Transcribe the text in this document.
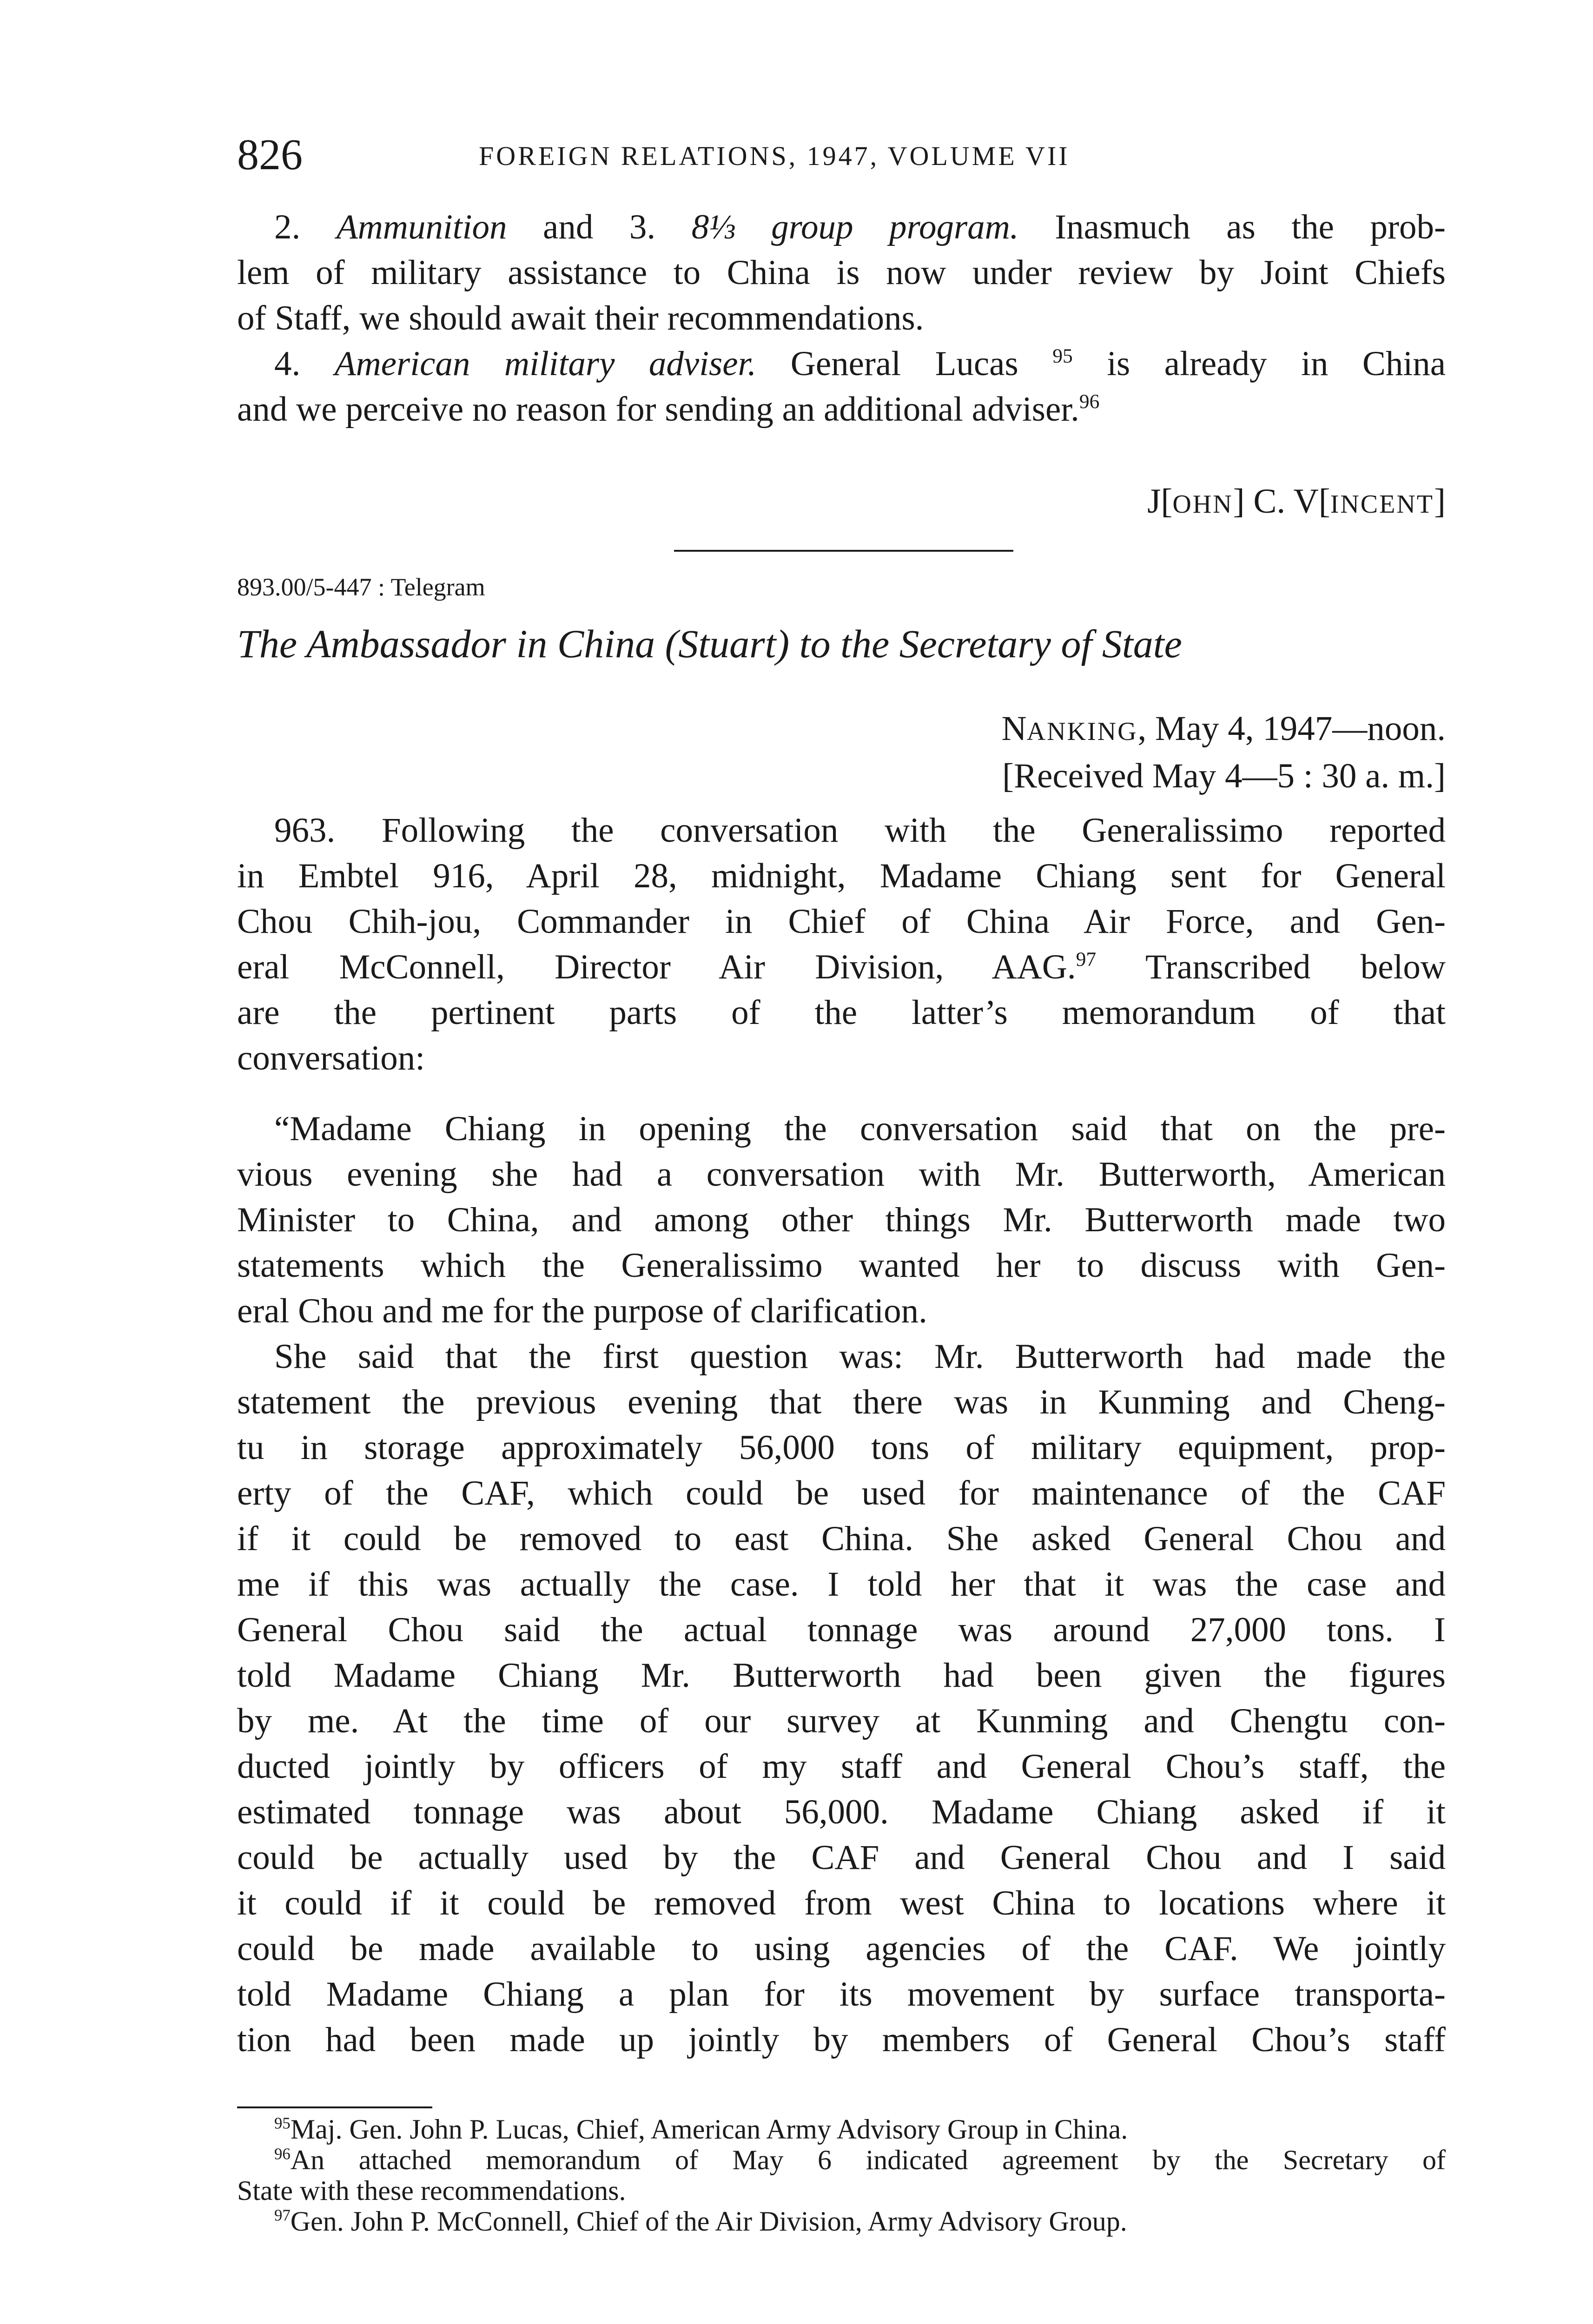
826	FOREIGN RELATIONS, 1947, VOLUME VII
2. Ammunition and 3. 8⅓ group program. Inasmuch as the prob-
lem of military assistance to China is now under review by Joint Chiefs
of Staff, we should await their recommendations.
4. American military adviser. General Lucas $^{95}$ is already in China
and we perceive no reason for sending an additional adviser.$^{96}$
J[OHN] C. V[INCENT]
893.00/5-447 : Telegram
The Ambassador in China (Stuart) to the Secretary of State
NANKING, May 4, 1947—noon.
[Received May 4—5 : 30 a. m.]
963. Following the conversation with the Generalissimo reported
in Embtel 916, April 28, midnight, Madame Chiang sent for General
Chou Chih-jou, Commander in Chief of China Air Force, and Gen-
eral McConnell, Director Air Division, AAG.$^{97}$ Transcribed below
are the pertinent parts of the latter’s memorandum of that
conversation:
“Madame Chiang in opening the conversation said that on the pre-
vious evening she had a conversation with Mr. Butterworth, American
Minister to China, and among other things Mr. Butterworth made two
statements which the Generalissimo wanted her to discuss with Gen-
eral Chou and me for the purpose of clarification.
She said that the first question was: Mr. Butterworth had made the
statement the previous evening that there was in Kunming and Cheng-
tu in storage approximately 56,000 tons of military equipment, prop-
erty of the CAF, which could be used for maintenance of the CAF
if it could be removed to east China. She asked General Chou and
me if this was actually the case. I told her that it was the case and
General Chou said the actual tonnage was around 27,000 tons. I
told Madame Chiang Mr. Butterworth had been given the figures
by me. At the time of our survey at Kunming and Chengtu con-
ducted jointly by officers of my staff and General Chou’s staff, the
estimated tonnage was about 56,000. Madame Chiang asked if it
could be actually used by the CAF and General Chou and I said
it could if it could be removed from west China to locations where it
could be made available to using agencies of the CAF. We jointly
told Madame Chiang a plan for its movement by surface transporta-
tion had been made up jointly by members of General Chou’s staff
$^{95}$Maj. Gen. John P. Lucas, Chief, American Army Advisory Group in China.
$^{96}$An attached memorandum of May 6 indicated agreement by the Secretary of
State with these recommendations.
$^{97}$Gen. John P. McConnell, Chief of the Air Division, Army Advisory Group.
